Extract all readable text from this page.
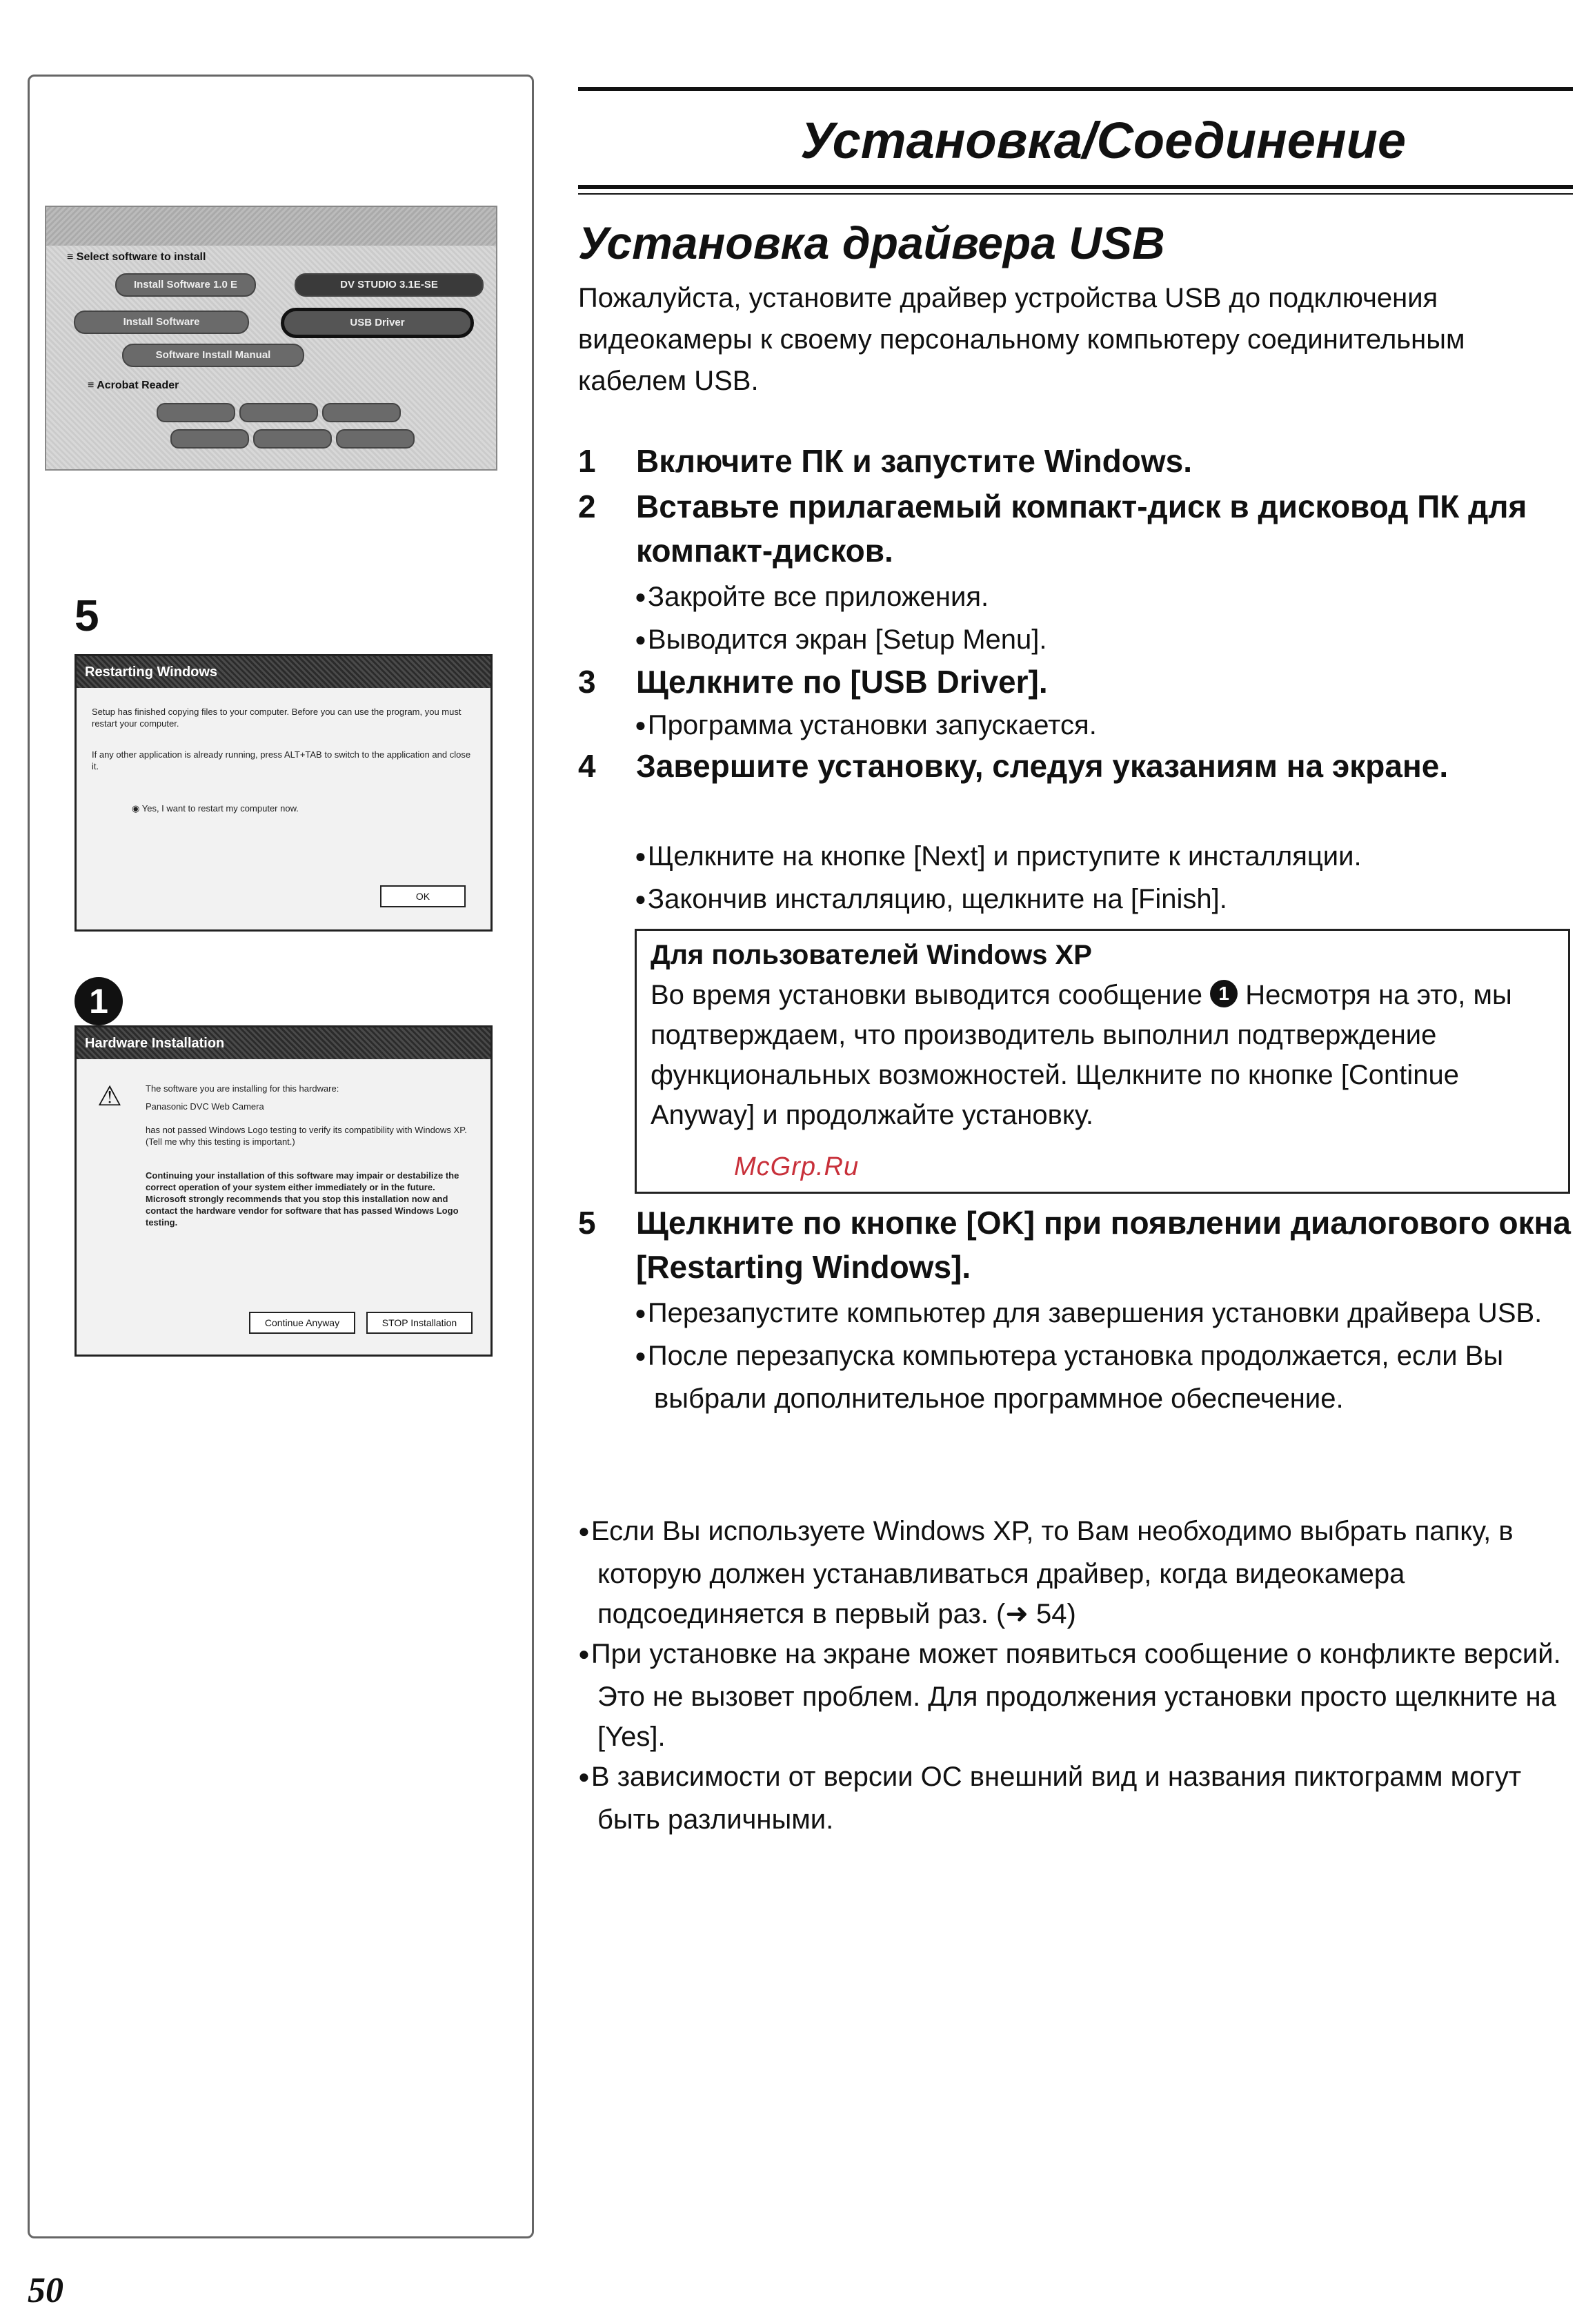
≡ Select software to install
Install Software 1.0 E	DV STUDIO 3.1E-SE
Install Software	USB Driver
Software Install Manual
≡ Acrobat Reader
5
Restarting Windows
Setup has finished copying files to your computer. Before you can use the program, you must restart your computer.
If any other application is already running, press ALT+TAB to switch to the application and close it.
◉ Yes, I want to restart my computer now.
OK
1
Hardware Installation
⚠	The software you are installing for this hardware:
Panasonic DVC Web Camera
has not passed Windows Logo testing to verify its compatibility with Windows XP. (Tell me why this testing is important.)
Continuing your installation of this software may impair or destabilize the correct operation of your system either immediately or in the future. Microsoft strongly recommends that you stop this installation now and contact the hardware vendor for software that has passed Windows Logo testing.
Continue Anyway	STOP Installation
Установка/Соединение
Установка драйвера USB

Пожалуйста, установите драйвер устройства USB до подключения видеокамеры к своему персональному компьютеру соединительным кабелем USB.

1 Включите ПК и запустите Windows.
2 Вставьте прилагаемый компакт-диск в дисковод ПК для компакт-дисков.
● Закройте все приложения.
● Выводится экран [Setup Menu].
3 Щелкните по [USB Driver].
● Программа установки запускается.
4 Завершите установку, следуя указаниям на экране.
● Щелкните на кнопке [Next] и приступите к инсталляции.
● Закончив инсталляцию, щелкните на [Finish].
Для пользователей Windows XP
Во время установки выводится сообщение 1 Несмотря на это, мы подтверждаем, что производитель выполнил подтверждение функциональных возможностей. Щелкните по кнопке [Continue Anyway] и продолжайте установку.
McGrp.Ru
5 Щелкните по кнопке [OK] при появлении диалогового окна [Restarting Windows].
● Перезапустите компьютер для завершения установки драйвера USB.
● После перезапуска компьютера установка продолжается, если Вы выбрали дополнительное программное обеспечение.
● Если Вы используете Windows XP, то Вам необходимо выбрать папку, в которую должен устанавливаться драйвер, когда видеокамера подсоединяется в первый раз. (➜ 54)
● При установке на экране может появиться сообщение о конфликте версий. Это не вызовет проблем. Для продолжения установки просто щелкните на [Yes].
● В зависимости от версии ОС внешний вид и названия пиктограмм могут быть различными.
50
